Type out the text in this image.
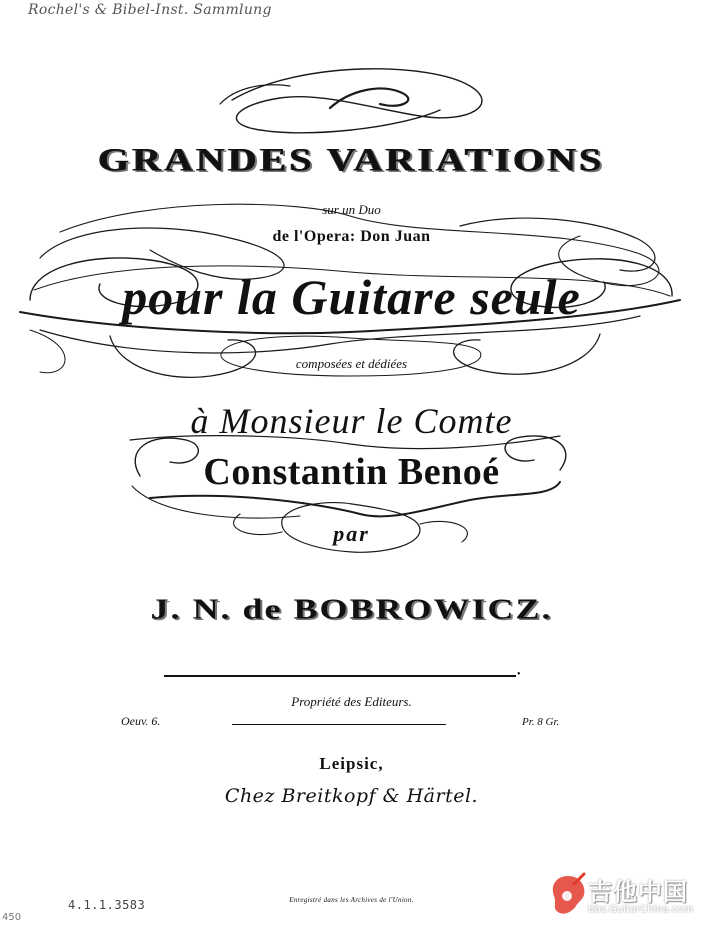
Rochel's & Bibel-Inst. Sammlung

GRANDES VARIATIONS

sur un Duo

de l'Opera: Don Juan

pour la Guitare seule

composées et dédiées

à Monsieur le Comte

Constantin Benoé

par

J. N. de BOBROWICZ.

•

Propriété des Editeurs.

Oeuv. 6.	Pr. 8 Gr.

Leipsic,

Chez Breitkopf & Härtel.

Enregistré dans les Archives de l'Union.

4.1.1.3583
450
吉他中国
bbs.GuitarChina.com
